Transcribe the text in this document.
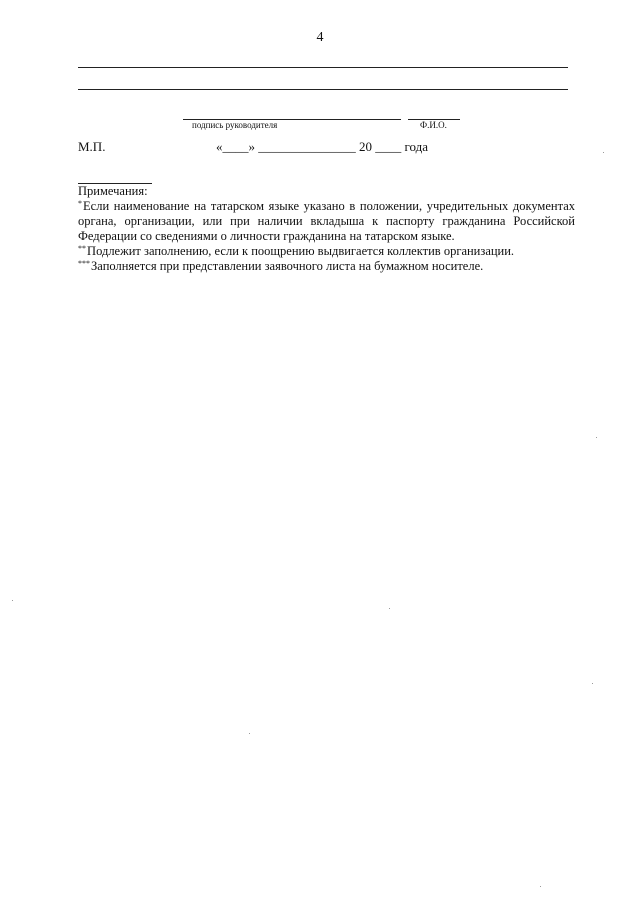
4
подпись руководителя	Ф.И.О.
М.П.	«____» _______________ 20 ____ года

Примечания:

* Если наименование на татарском языке указано в положении, учредительных документах органа, организации, или при наличии вкладыша к паспорту гражданина Российской Федерации со сведениями о личности гражданина на татарском языке.

** Подлежит заполнению, если к поощрению выдвигается коллектив организации.

*** Заполняется при представлении заявочного листа на бумажном носителе.
